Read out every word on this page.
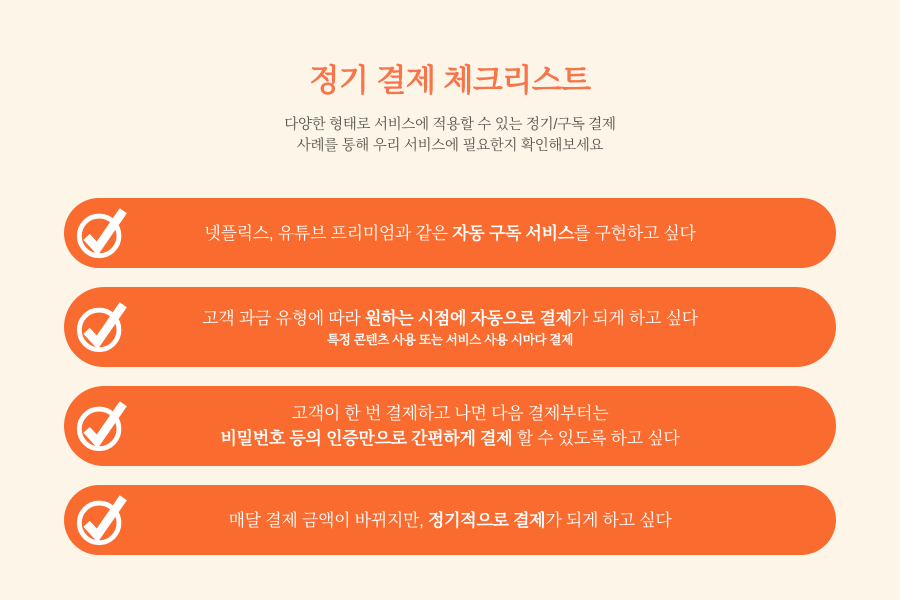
정기 결제 체크리스트
다양한 형태로 서비스에 적용할 수 있는 정기/구독 결제
사례를 통해 우리 서비스에 필요한지 확인해보세요
넷플릭스, 유튜브 프리미엄과 같은 자동 구독 서비스를 구현하고 싶다
고객 과금 유형에 따라 원하는 시점에 자동으로 결제가 되게 하고 싶다
특정 콘텐츠 사용 또는 서비스 사용 시마다 결제
고객이 한 번 결제하고 나면 다음 결제부터는
비밀번호 등의 인증만으로 간편하게 결제 할 수 있도록 하고 싶다
매달 결제 금액이 바뀌지만, 정기적으로 결제가 되게 하고 싶다
